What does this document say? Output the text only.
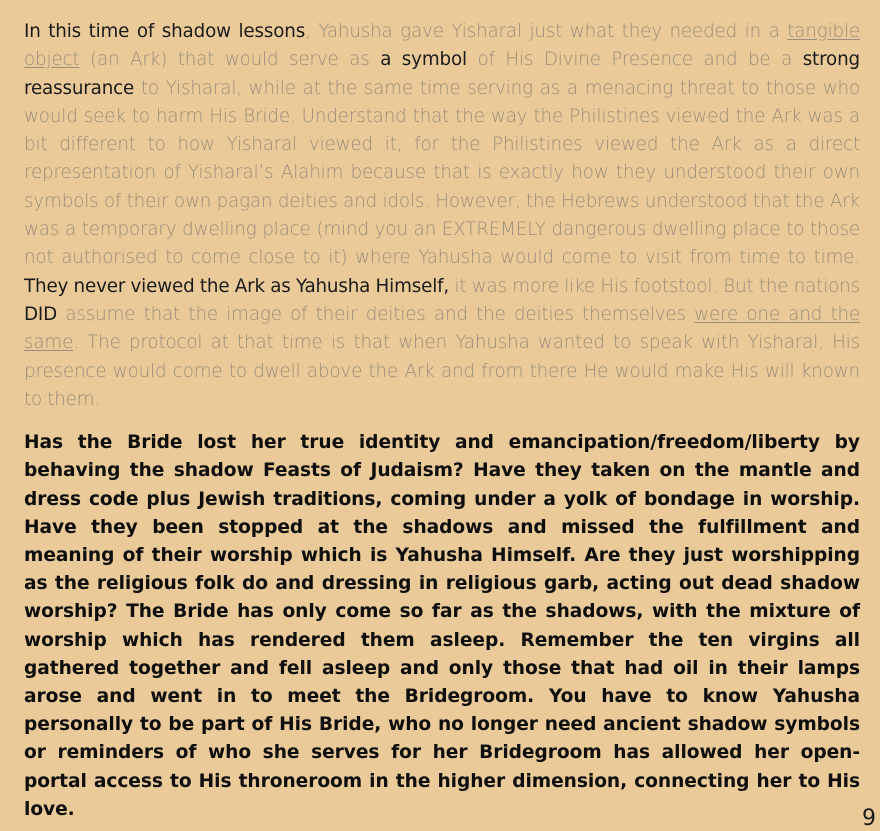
In this time of shadow lessons, Yahusha gave Yisharal just what they needed in a tangible object (an Ark) that would serve as a symbol of His Divine Presence and be a strong reassurance to Yisharal, while at the same time serving as a menacing threat to those who would seek to harm His Bride. Understand that the way the Philistines viewed the Ark was a bit different to how Yisharal viewed it, for the Philistines viewed the Ark as a direct representation of Yisharal’s Alahim because that is exactly how they understood their own symbols of their own pagan deities and idols. However, the Hebrews understood that the Ark was a temporary dwelling place (mind you an EXTREMELY dangerous dwelling place to those not authorised to come close to it) where Yahusha would come to visit from time to time. They never viewed the Ark as Yahusha Himself, it was more like His footstool. But the nations DID assume that the image of their deities and the deities themselves were one and the same. The protocol at that time is that when Yahusha wanted to speak with Yisharal, His presence would come to dwell above the Ark and from there He would make His will known to them.

Has the Bride lost her true identity and emancipation/freedom/liberty by behaving the shadow Feasts of Judaism? Have they taken on the mantle and dress code plus Jewish traditions, coming under a yolk of bondage in worship. Have they been stopped at the shadows and missed the fulfillment and meaning of their worship which is Yahusha Himself. Are they just worshipping as the religious folk do and dressing in religious garb, acting out dead shadow worship? The Bride has only come so far as the shadows, with the mixture of worship which has rendered them asleep. Remember the ten virgins all gathered together and fell asleep and only those that had oil in their lamps arose and went in to meet the Bridegroom. You have to know Yahusha personally to be part of His Bride, who no longer need ancient shadow symbols or reminders of who she serves for her Bridegroom has allowed her open-portal access to His throneroom in the higher dimension, connecting her to His love.	9
